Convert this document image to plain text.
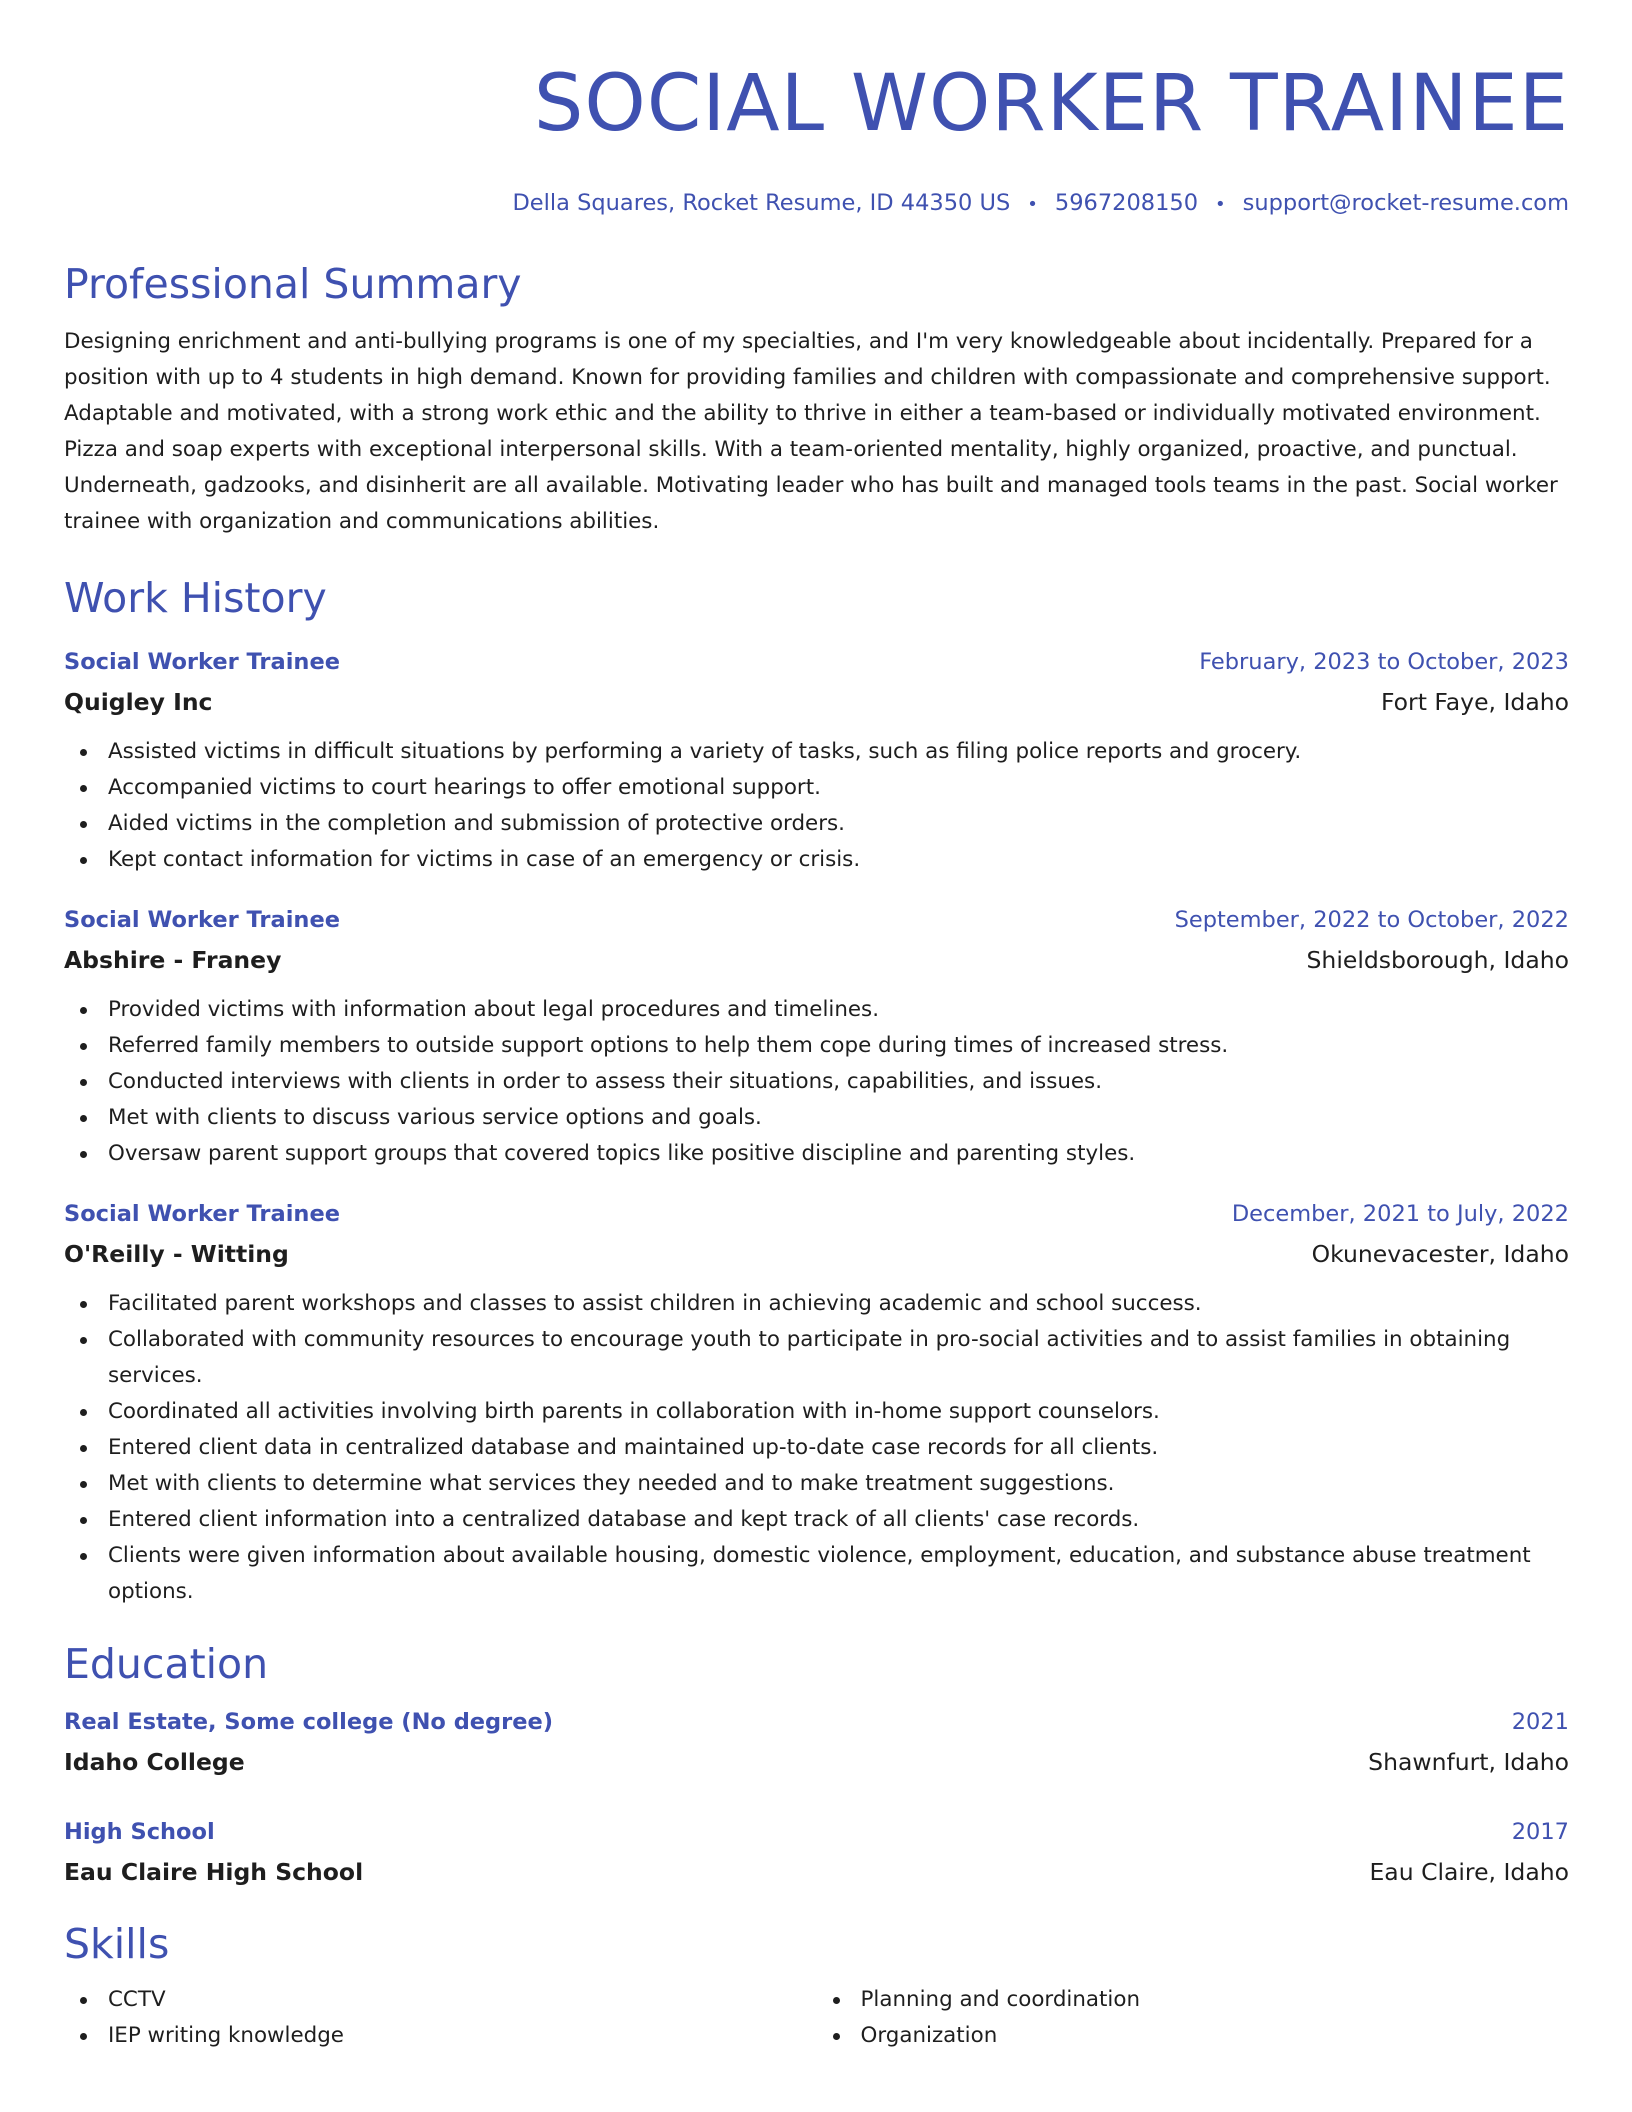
SOCIAL WORKER TRAINEE
Della Squares, Rocket Resume, ID 44350 US • 5967208150 • support@rocket-resume.com
Professional Summary

Designing enrichment and anti-bullying programs is one of my specialties, and I'm very knowledgeable about incidentally. Prepared for a position with up to 4 students in high demand. Known for providing families and children with compassionate and comprehensive support. Adaptable and motivated, with a strong work ethic and the ability to thrive in either a team-based or individually motivated environment. Pizza and soap experts with exceptional interpersonal skills. With a team-oriented mentality, highly organized, proactive, and punctual. Underneath, gadzooks, and disinherit are all available. Motivating leader who has built and managed tools teams in the past. Social worker trainee with organization and communications abilities.

Work History
Social Worker Trainee	February, 2023 to October, 2023
Quigley Inc	Fort Faye, Idaho
Assisted victims in difficult situations by performing a variety of tasks, such as filing police reports and grocery.
Accompanied victims to court hearings to offer emotional support.
Aided victims in the completion and submission of protective orders.
Kept contact information for victims in case of an emergency or crisis.
Social Worker Trainee	September, 2022 to October, 2022
Abshire - Franey	Shieldsborough, Idaho
Provided victims with information about legal procedures and timelines.
Referred family members to outside support options to help them cope during times of increased stress.
Conducted interviews with clients in order to assess their situations, capabilities, and issues.
Met with clients to discuss various service options and goals.
Oversaw parent support groups that covered topics like positive discipline and parenting styles.
Social Worker Trainee	December, 2021 to July, 2022
O'Reilly - Witting	Okunevacester, Idaho
Facilitated parent workshops and classes to assist children in achieving academic and school success.
Collaborated with community resources to encourage youth to participate in pro-social activities and to assist families in obtaining services.
Coordinated all activities involving birth parents in collaboration with in-home support counselors.
Entered client data in centralized database and maintained up-to-date case records for all clients.
Met with clients to determine what services they needed and to make treatment suggestions.
Entered client information into a centralized database and kept track of all clients' case records.
Clients were given information about available housing, domestic violence, employment, education, and substance abuse treatment options.
Education
Real Estate, Some college (No degree)	2021
Idaho College	Shawnfurt, Idaho
High School	2017
Eau Claire High School	Eau Claire, Idaho
Skills
CCTV
IEP writing knowledge
Planning and coordination
Organization
